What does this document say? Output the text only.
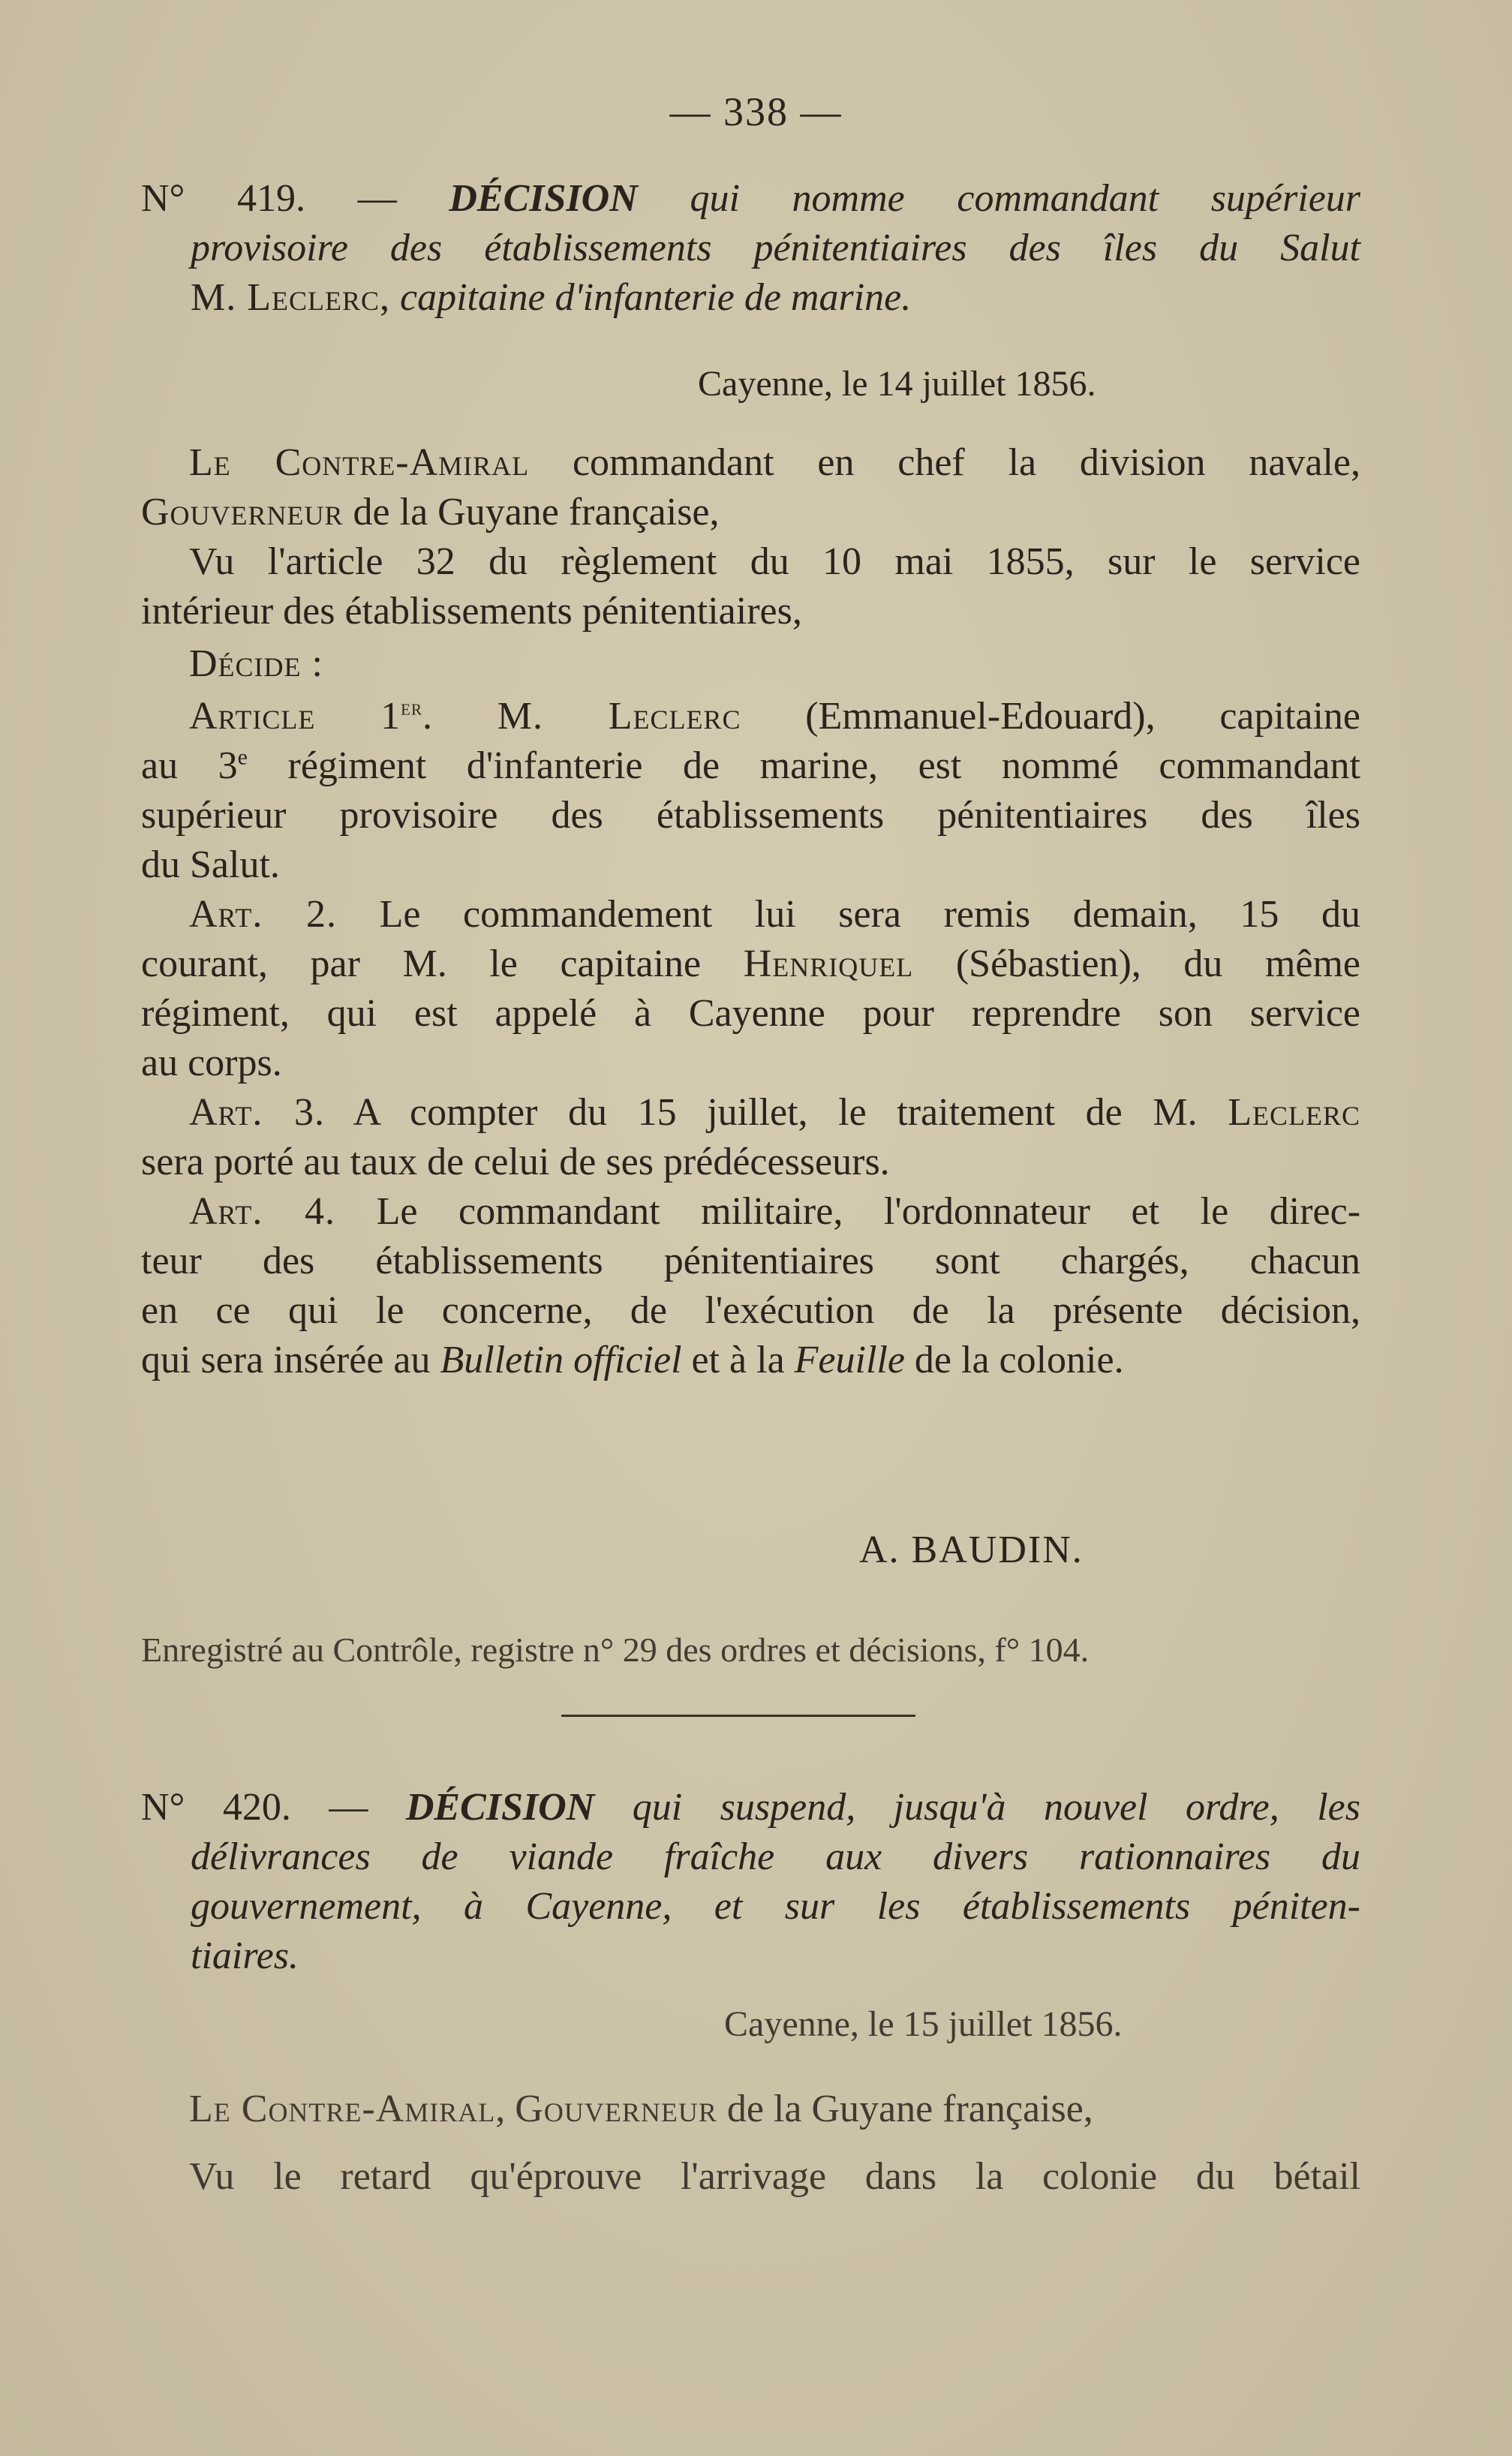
— 338 —
N° 419. — DÉCISION qui nomme commandant supérieur
provisoire des établissements pénitentiaires des îles du Salut
M. Leclerc, capitaine d'infanterie de marine.
Cayenne, le 14 juillet 1856.
Le Contre-Amiral commandant en chef la division navale,
Gouverneur de la Guyane française,
Vu l'article 32 du règlement du 10 mai 1855, sur le service
intérieur des établissements pénitentiaires,
Décide :
Article 1er. M. Leclerc (Emmanuel-Edouard), capitaine
au 3e régiment d'infanterie de marine, est nommé commandant
supérieur provisoire des établissements pénitentiaires des îles
du Salut.
Art. 2. Le commandement lui sera remis demain, 15 du
courant, par M. le capitaine Henriquel (Sébastien), du même
régiment, qui est appelé à Cayenne pour reprendre son service
au corps.
Art. 3. A compter du 15 juillet, le traitement de M. Leclerc
sera porté au taux de celui de ses prédécesseurs.
Art. 4. Le commandant militaire, l'ordonnateur et le direc-
teur des établissements pénitentiaires sont chargés, chacun
en ce qui le concerne, de l'exécution de la présente décision,
qui sera insérée au Bulletin officiel et à la Feuille de la colonie.
A. BAUDIN.
Enregistré au Contrôle, registre n° 29 des ordres et décisions, f° 104.
N° 420. — DÉCISION qui suspend, jusqu'à nouvel ordre, les
délivrances de viande fraîche aux divers rationnaires du
gouvernement, à Cayenne, et sur les établissements péniten-
tiaires.
Cayenne, le 15 juillet 1856.
Le Contre-Amiral, Gouverneur de la Guyane française,
Vu le retard qu'éprouve l'arrivage dans la colonie du bétail
